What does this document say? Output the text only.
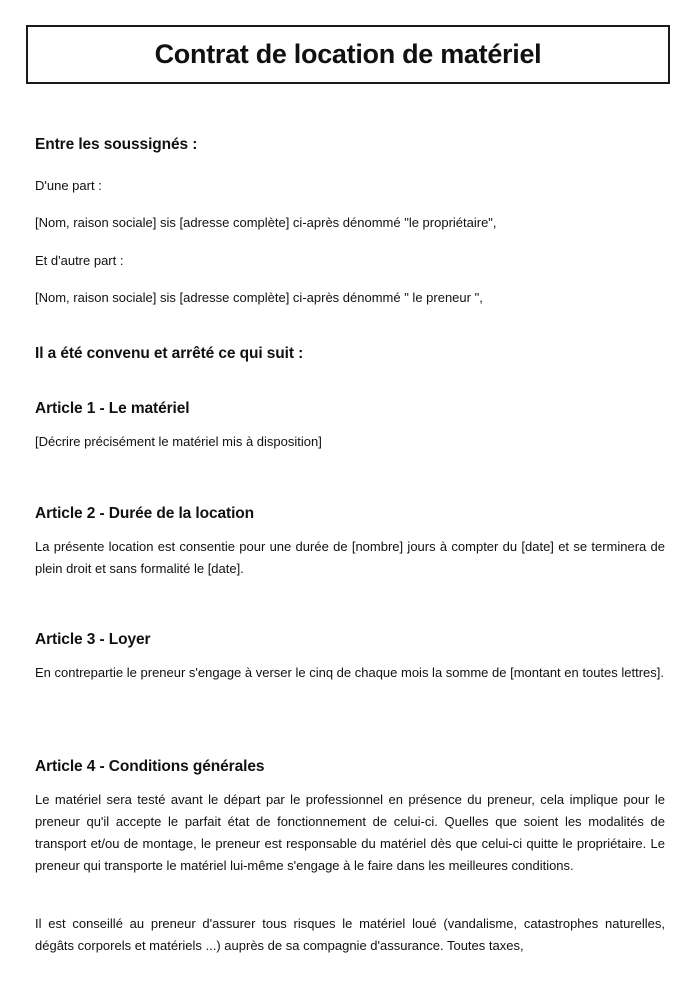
Contrat de location de matériel

Entre les soussignés :

D'une part :

[Nom, raison sociale] sis [adresse complète] ci-après dénommé "le propriétaire",

Et d'autre part :

[Nom, raison sociale] sis [adresse complète] ci-après dénommé " le preneur ",

Il a été convenu et arrêté ce qui suit :

Article 1 - Le matériel

[Décrire précisément le matériel mis à disposition]

Article 2 - Durée de la location

La présente location est consentie pour une durée de [nombre] jours à compter du [date] et se terminera de plein droit et sans formalité le [date].

Article 3 - Loyer

En contrepartie le preneur s'engage à verser le cinq de chaque mois la somme de [montant en toutes lettres].

Article 4 - Conditions générales

Le matériel sera testé avant le départ par le professionnel en présence du preneur, cela implique pour le preneur qu'il accepte le parfait état de fonctionnement de celui-ci. Quelles que soient les modalités de transport et/ou de montage, le preneur est responsable du matériel dès que celui-ci quitte le propriétaire. Le preneur qui transporte le matériel lui-même s'engage à le faire dans les meilleures conditions.

Il est conseillé au preneur d'assurer tous risques le matériel loué (vandalisme, catastrophes naturelles, dégâts corporels et matériels ...) auprès de sa compagnie d'assurance. Toutes taxes,
